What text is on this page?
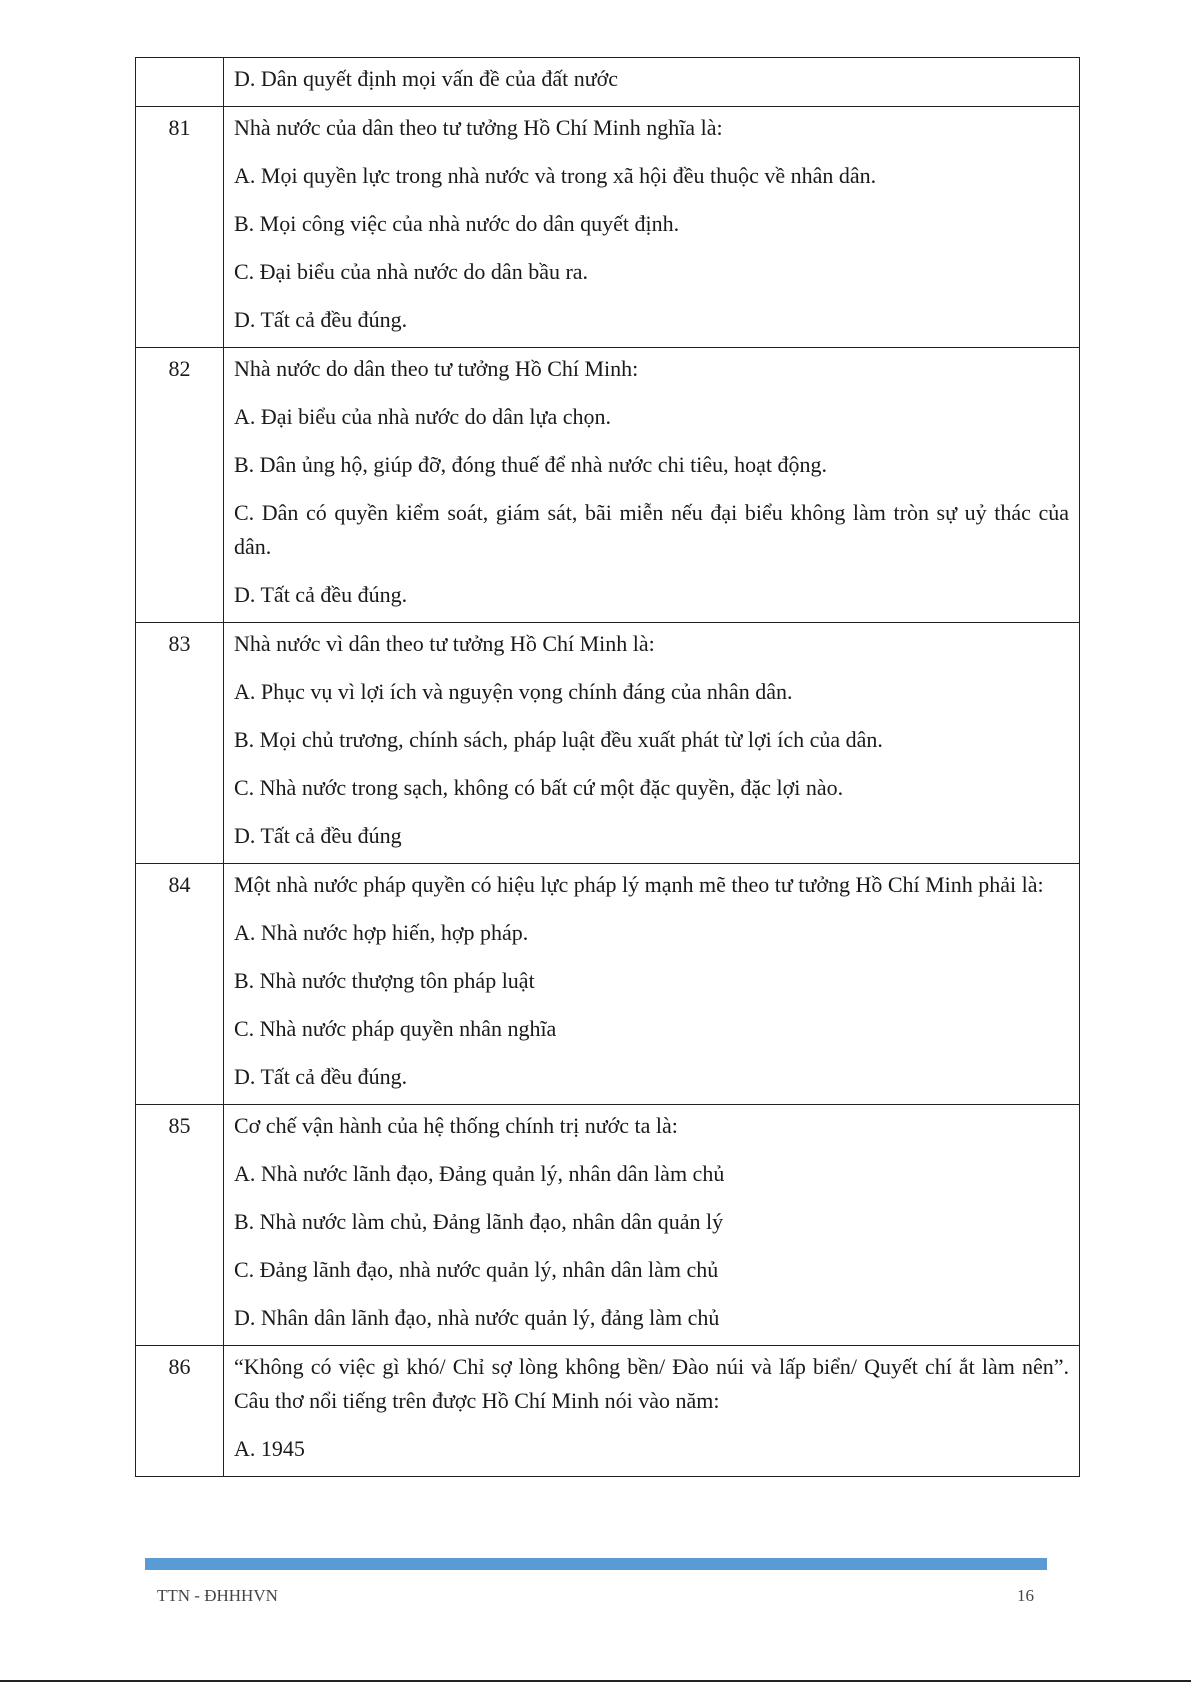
	D. Dân quyết định mọi vấn đề của đất nước

81	Nhà nước của dân theo tư tưởng Hồ Chí Minh nghĩa là:
A. Mọi quyền lực trong nhà nước và trong xã hội đều thuộc về nhân dân.
B. Mọi công việc của nhà nước do dân quyết định.
C. Đại biểu của nhà nước do dân bầu ra.
D. Tất cả đều đúng.

82	Nhà nước do dân theo tư tưởng Hồ Chí Minh:
A. Đại biểu của nhà nước do dân lựa chọn.
B. Dân ủng hộ, giúp đỡ, đóng thuế để nhà nước chi tiêu, hoạt động.
C. Dân có quyền kiểm soát, giám sát, bãi miễn nếu đại biểu không làm tròn sự uỷ thác của dân.
D. Tất cả đều đúng.

83	Nhà nước vì dân theo tư tưởng Hồ Chí Minh là:
A. Phục vụ vì lợi ích và nguyện vọng chính đáng của nhân dân.
B. Mọi chủ trương, chính sách, pháp luật đều xuất phát từ lợi ích của dân.
C. Nhà nước trong sạch, không có bất cứ một đặc quyền, đặc lợi nào.
D. Tất cả đều đúng

84	Một nhà nước pháp quyền có hiệu lực pháp lý mạnh mẽ theo tư tưởng Hồ Chí Minh phải là:
A. Nhà nước hợp hiến, hợp pháp.
B. Nhà nước thượng tôn pháp luật
C. Nhà nước pháp quyền nhân nghĩa
D. Tất cả đều đúng.

85	Cơ chế vận hành của hệ thống chính trị nước ta là:
A. Nhà nước lãnh đạo, Đảng quản lý, nhân dân làm chủ
B. Nhà nước làm chủ, Đảng lãnh đạo, nhân dân quản lý
C. Đảng lãnh đạo, nhà nước quản lý, nhân dân làm chủ
D. Nhân dân lãnh đạo, nhà nước quản lý, đảng làm chủ

86	“Không có việc gì khó/ Chỉ sợ lòng không bền/ Đào núi và lấp biển/ Quyết chí ắt làm nên”. Câu thơ nổi tiếng trên được Hồ Chí Minh nói vào năm:
A. 1945
TTN - ĐHHHVN	16
